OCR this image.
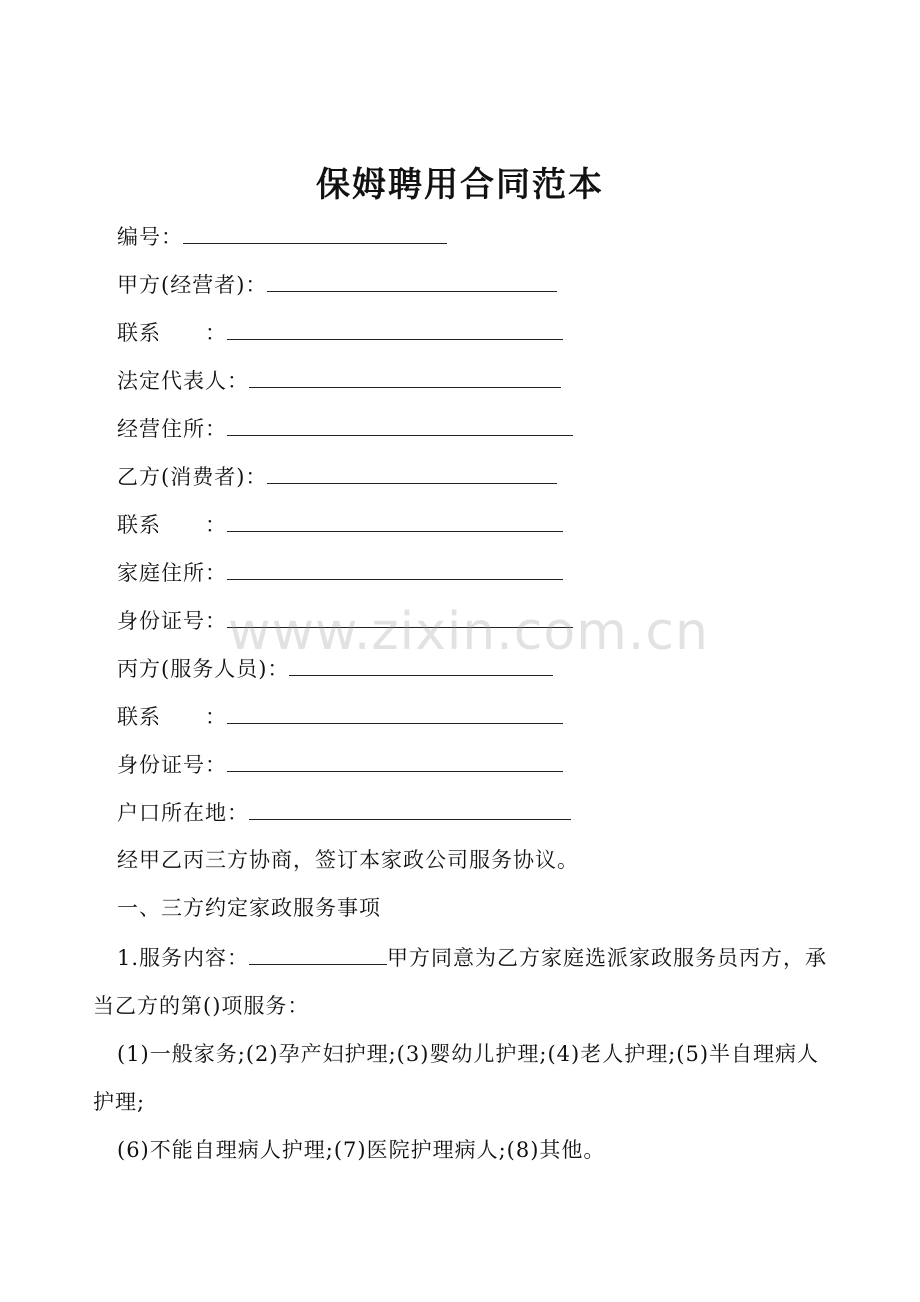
保姆聘用合同范本
编号：
甲方(经营者)：
联系　　：
法定代表人：
经营住所：
乙方(消费者)：
联系　　：
家庭住所：
身份证号：
丙方(服务人员)：
联系　　：
身份证号：
户口所在地：
经甲乙丙三方协商，签订本家政公司服务协议。
一、三方约定家政服务事项
1.服务内容：	甲方同意为乙方家庭选派家政服务员丙方，承当乙方的第()项服务：
(1)一般家务;(2)孕产妇护理;(3)婴幼儿护理;(4)老人护理;(5)半自理病人护理;
(6)不能自理病人护理;(7)医院护理病人;(8)其他。
www.zixin.com.cn
